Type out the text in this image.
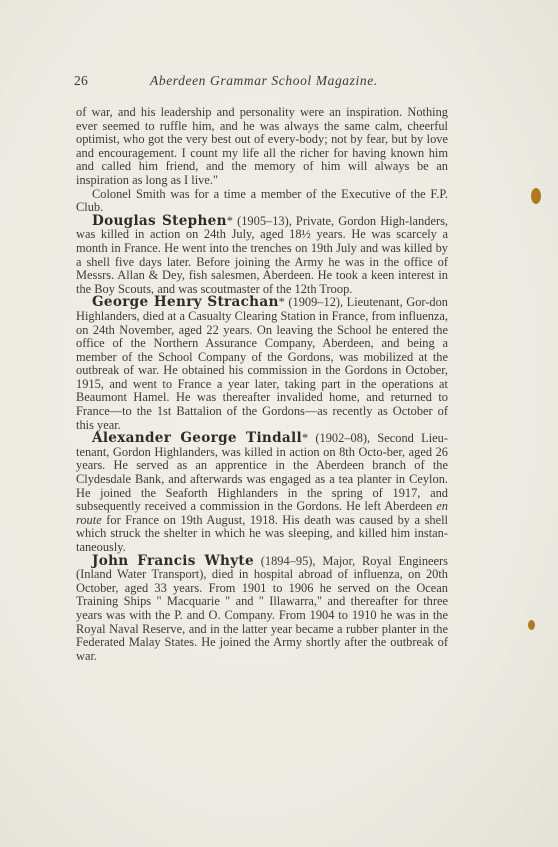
26	Aberdeen Grammar School Magazine.

of war, and his leadership and personality were an inspiration. Nothing ever seemed to ruffle him, and he was always the same calm, cheerful optimist, who got the very best out of every-body; not by fear, but by love and encouragement. I count my life all the richer for having known him and called him friend, and the memory of him will always be an inspiration as long as I live."

Colonel Smith was for a time a member of the Executive of the F.P. Club.

Douglas Stephen* (1905–13), Private, Gordon High-landers, was killed in action on 24th July, aged 18½ years. He was scarcely a month in France. He went into the trenches on 19th July and was killed by a shell five days later. Before joining the Army he was in the office of Messrs. Allan & Dey, fish salesmen, Aberdeen. He took a keen interest in the Boy Scouts, and was scoutmaster of the 12th Troop.

George Henry Strachan* (1909–12), Lieutenant, Gor-don Highlanders, died at a Casualty Clearing Station in France, from influenza, on 24th November, aged 22 years. On leaving the School he entered the office of the Northern Assurance Company, Aberdeen, and being a member of the School Company of the Gordons, was mobilized at the outbreak of war. He obtained his commission in the Gordons in October, 1915, and went to France a year later, taking part in the operations at Beaumont Hamel. He was thereafter invalided home, and returned to France—to the 1st Battalion of the Gordons—as recently as October of this year.

Alexander George Tindall* (1902–08), Second Lieu-tenant, Gordon Highlanders, was killed in action on 8th Octo-ber, aged 26 years. He served as an apprentice in the Aberdeen branch of the Clydesdale Bank, and afterwards was engaged as a tea planter in Ceylon. He joined the Seaforth Highlanders in the spring of 1917, and subsequently received a commission in the Gordons. He left Aberdeen en route for France on 19th August, 1918. His death was caused by a shell which struck the shelter in which he was sleeping, and killed him instan-taneously.

John Francis Whyte (1894–95), Major, Royal Engineers (Inland Water Transport), died in hospital abroad of influenza, on 20th October, aged 33 years. From 1901 to 1906 he served on the Ocean Training Ships " Macquarie " and " Illawarra," and thereafter for three years was with the P. and O. Company. From 1904 to 1910 he was in the Royal Naval Reserve, and in the latter year became a rubber planter in the Federated Malay States. He joined the Army shortly after the outbreak of war.
